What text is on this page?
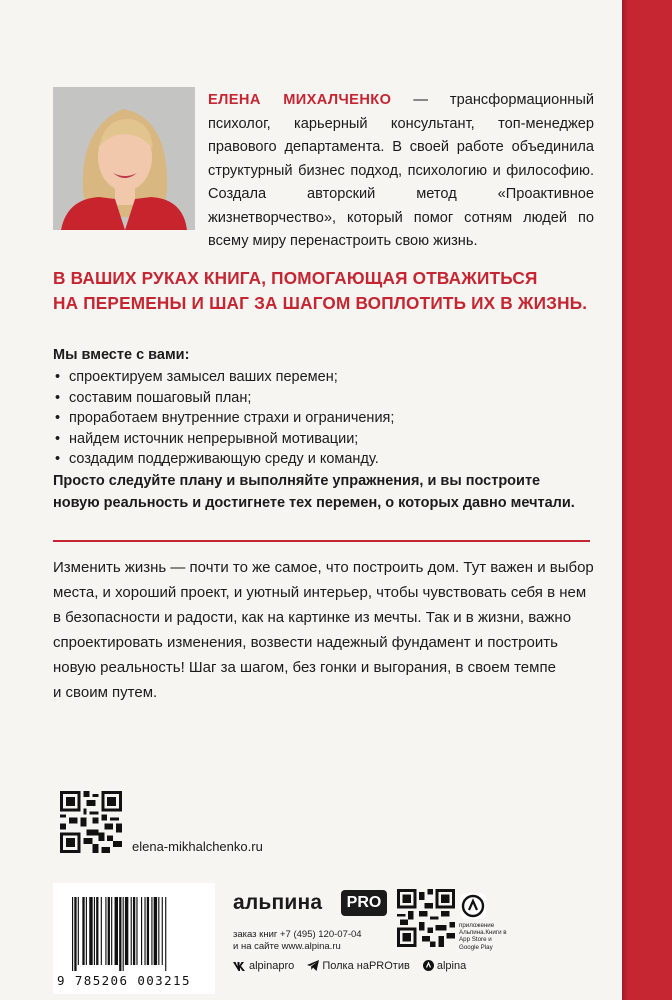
ЕЛЕНА МИХАЛЧЕНКО — трансформационный психолог, карьерный консультант, топ-менеджер правового департамента. В своей работе объединила структурный бизнес подход, психологию и философию. Создала авторский метод «Проактивное жизнетворчество», который помог сотням людей по всему миру перенастроить свою жизнь.
В ВАШИХ РУКАХ КНИГА, ПОМОГАЮЩАЯ ОТВАЖИТЬСЯ
НА ПЕРЕМЕНЫ И ШАГ ЗА ШАГОМ ВОПЛОТИТЬ ИХ В ЖИЗНЬ.
Мы вместе с вами:
• спроектируем замысел ваших перемен;
• составим пошаговый план;
• проработаем внутренние страхи и ограничения;
• найдем источник непрерывной мотивации;
• создадим поддерживающую среду и команду.
Просто следуйте плану и выполняйте упражнения, и вы построите
новую реальность и достигнете тех перемен, о которых давно мечтали.
Изменить жизнь — почти то же самое, что построить дом. Тут важен и выбор
места, и хороший проект, и уютный интерьер, чтобы чувствовать себя в нем
в безопасности и радости, как на картинке из мечты. Так и в жизни, важно
спроектировать изменения, возвести надежный фундамент и построить
новую реальность! Шаг за шагом, без гонки и выгорания, в своем темпе
и своим путем.
elena-mikhalchenko.ru
9 785206 003215
альпина	PRO
заказ книг +7 (495) 120-07-04
и на сайте www.alpina.ru
приложение Альпина.Книги в App Store и Google Play
alpinapro	Полка наPROтив alpina
